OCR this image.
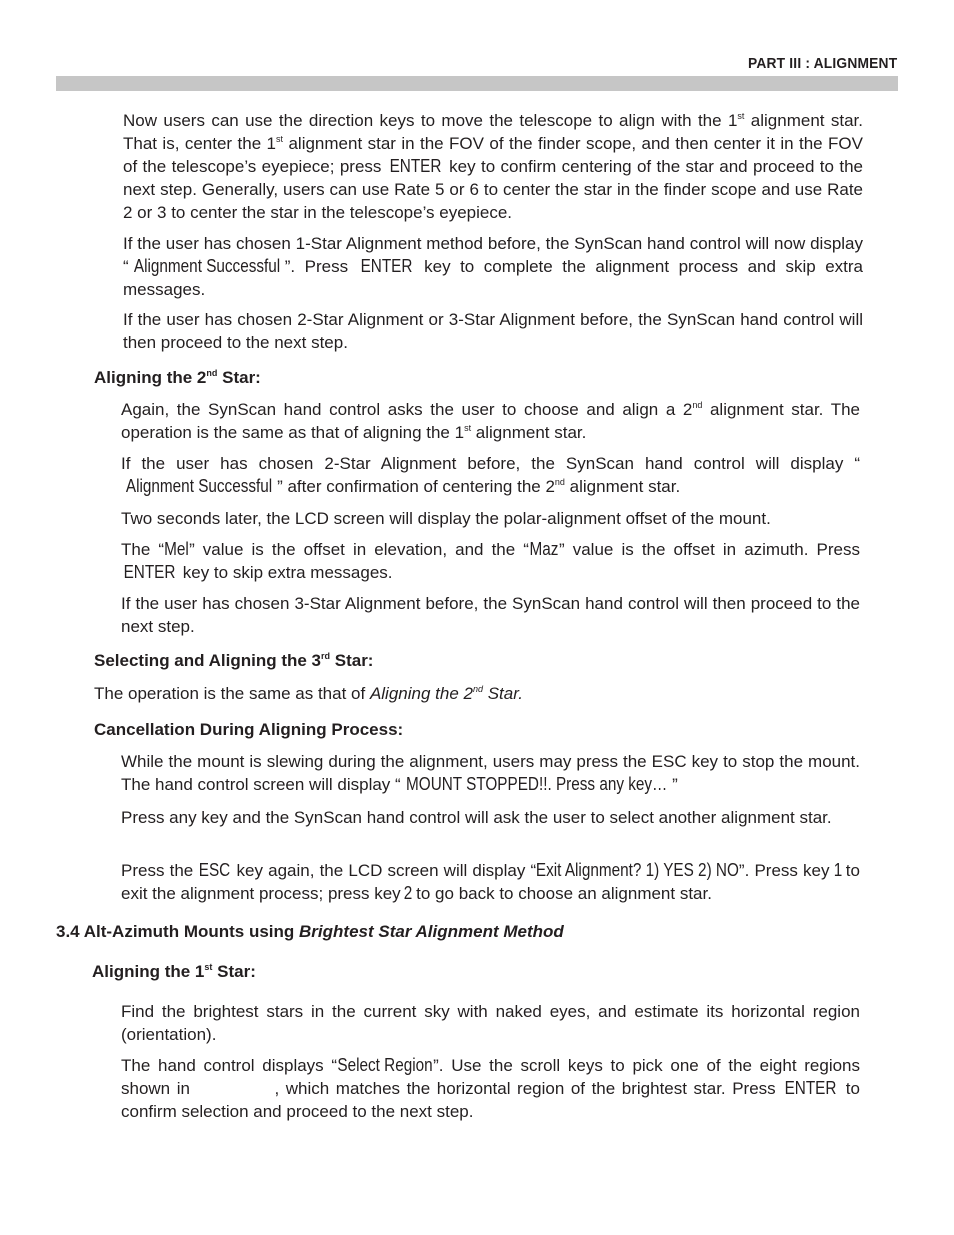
PART III : ALIGNMENT

Now users can use the direction keys to move the telescope to align with the 1st alignment star. That is, center the 1st alignment star in the FOV of the finder scope, and then center it in the FOV of the telescope’s eyepiece; press ENTER key to confirm centering of the star and proceed to the next step. Generally, users can use Rate 5 or 6 to center the star in the finder scope and use Rate 2 or 3 to center the star in the telescope’s eyepiece.

If the user has chosen 1-Star Alignment method before, the SynScan hand control will now display “ Alignment Successful ”. Press ENTER key to complete the alignment process and skip extra messages.

If the user has chosen 2-Star Alignment or 3-Star Alignment before, the SynScan hand control will then proceed to the next step.

Aligning the 2nd Star:

Again, the SynScan hand control asks the user to choose and align a 2nd alignment star. The operation is the same as that of aligning the 1st alignment star.

If the user has chosen 2-Star Alignment before, the SynScan hand control will display “Alignment Successful ” after confirmation of centering the 2nd alignment star.

Two seconds later, the LCD screen will display the polar-alignment offset of the mount.

The “Mel” value is the offset in elevation, and the “Maz” value is the offset in azimuth. Press ENTER key to skip extra messages.

If the user has chosen 3-Star Alignment before, the SynScan hand control will then proceed to the next step.

Selecting and Aligning the 3rd Star:

The operation is the same as that of Aligning the 2nd Star.

Cancellation During Aligning Process:

While the mount is slewing during the alignment, users may press the ESC key to stop the mount. The hand control screen will display “ MOUNT STOPPED!!. Press any key… ”

Press any key and the SynScan hand control will ask the user to select another alignment star.

Press the ESC key again, the LCD screen will display “Exit Alignment? 1) YES 2) NO”. Press key 1 to exit the alignment process; press key 2 to go back to choose an alignment star.

3.4 Alt-Azimuth Mounts using Brightest Star Alignment Method

Aligning the 1st Star:

Find the brightest stars in the current sky with naked eyes, and estimate its horizontal region (orientation).

The hand control displays “Select Region”. Use the scroll keys to pick one of the eight regions shown in	, which matches the horizontal region of the brightest star. Press ENTER to confirm selection and proceed to the next step.
